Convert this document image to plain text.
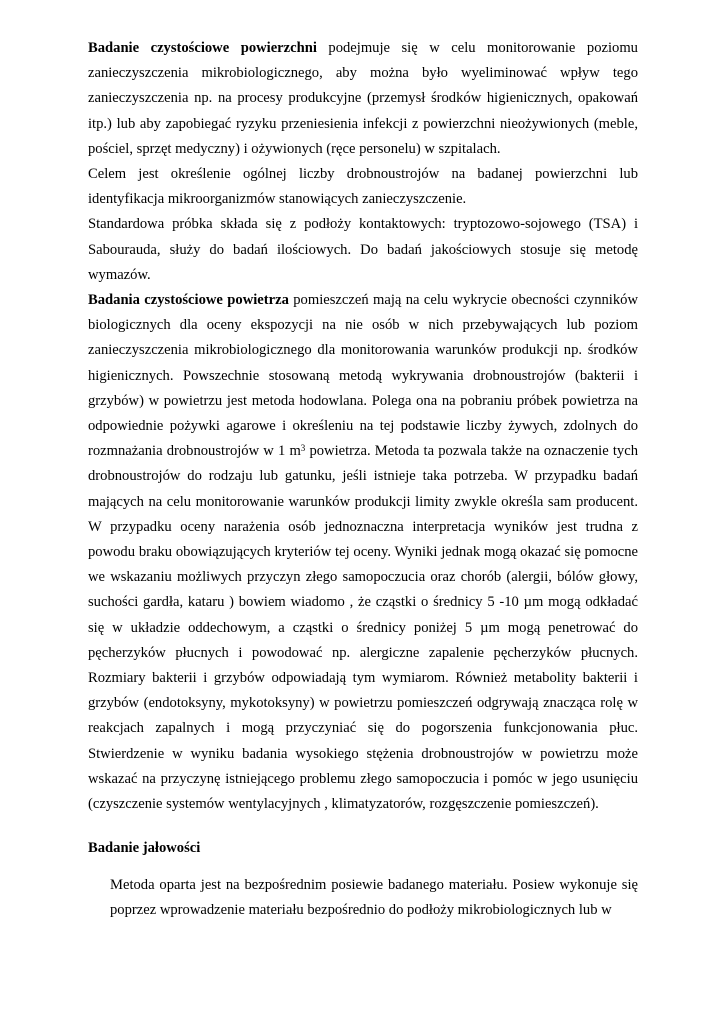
Badanie czystościowe powierzchni podejmuje się w celu monitorowanie poziomu zanieczyszczenia mikrobiologicznego, aby można było wyeliminować wpływ tego zanieczyszczenia np. na procesy produkcyjne (przemysł środków higienicznych, opakowań itp.) lub aby zapobiegać ryzyku przeniesienia infekcji z powierzchni nieożywionych (meble, pościel, sprzęt medyczny) i ożywionych (ręce personelu) w szpitalach.

Celem jest określenie ogólnej liczby drobnoustrojów na badanej powierzchni lub identyfikacja mikroorganizmów stanowiących zanieczyszczenie.

Standardowa próbka składa się z podłoży kontaktowych: tryptozowo-sojowego (TSA) i Sabourauda, służy do badań ilościowych. Do badań jakościowych stosuje się metodę wymazów.

Badania czystościowe powietrza pomieszczeń mają na celu wykrycie obecności czynników biologicznych dla oceny ekspozycji na nie osób w nich przebywających lub poziom zanieczyszczenia mikrobiologicznego dla monitorowania warunków produkcji np. środków higienicznych. Powszechnie stosowaną metodą wykrywania drobnoustrojów (bakterii i grzybów) w powietrzu jest metoda hodowlana. Polega ona na pobraniu próbek powietrza na odpowiednie pożywki agarowe i określeniu na tej podstawie liczby żywych, zdolnych do rozmnażania drobnoustrojów w 1 $m^3$ powietrza. Metoda ta pozwala także na oznaczenie tych drobnoustrojów do rodzaju lub gatunku, jeśli istnieje taka potrzeba. W przypadku badań mających na celu monitorowanie warunków produkcji limity zwykle określa sam producent. W przypadku oceny narażenia osób jednoznaczna interpretacja wyników jest trudna z powodu braku obowiązujących kryteriów tej oceny. Wyniki jednak mogą okazać się pomocne we wskazaniu możliwych przyczyn złego samopoczucia oraz chorób (alergii, bólów głowy, suchości gardła, kataru ) bowiem wiadomo , że cząstki o średnicy 5 -10 µm mogą odkładać się w układzie oddechowym, a cząstki o średnicy poniżej 5 µm mogą penetrować do pęcherzyków płucnych i powodować np. alergiczne zapalenie pęcherzyków płucnych. Rozmiary bakterii i grzybów odpowiadają tym wymiarom. Również metabolity bakterii i grzybów (endotoksyny, mykotoksyny) w powietrzu pomieszczeń odgrywają znacząca rolę w reakcjach zapalnych i mogą przyczyniać się do pogorszenia funkcjonowania płuc. Stwierdzenie w wyniku badania wysokiego stężenia drobnoustrojów w powietrzu może wskazać na przyczynę istniejącego problemu złego samopoczucia i pomóc w jego usunięciu (czyszczenie systemów wentylacyjnych , klimatyzatorów, rozgęszczenie pomieszczeń).

Badanie jałowości

Metoda oparta jest na bezpośrednim posiewie badanego materiału. Posiew wykonuje się poprzez wprowadzenie materiału bezpośrednio do podłoży mikrobiologicznych lub w
